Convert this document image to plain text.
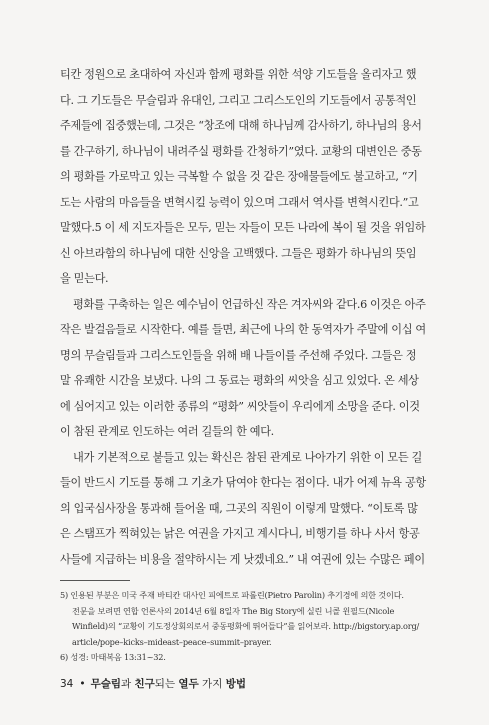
티칸 정원으로 초대하여 자신과 함께 평화를 위한 석양 기도들을 올리자고 했

다. 그 기도들은 무슬림과 유대인, 그리고 그리스도인의 기도들에서 공통적인

주제들에 집중했는데, 그것은 “창조에 대해 하나님께 감사하기, 하나님의 용서

를 간구하기, 하나님이 내려주실 평화를 간청하기”였다. 교황의 대변인은 중동

의 평화를 가로막고 있는 극복할 수 없을 것 같은 장애물들에도 불고하고, “기

도는 사람의 마음들을 변혁시킬 능력이 있으며 그래서 역사를 변혁시킨다.”고

말했다.5 이 세 지도자들은 모두, 믿는 자들이 모든 나라에 복이 될 것을 위임하

신 아브라함의 하나님에 대한 신앙을 고백했다. 그들은 평화가 하나님의 뜻임

을 믿는다.

평화를 구축하는 일은 예수님이 언급하신 작은 겨자씨와 같다.6 이것은 아주

작은 발걸음들로 시작한다. 예를 들면, 최근에 나의 한 동역자가 주말에 이십 여

명의 무슬림들과 그리스도인들을 위해 배 나들이를 주선해 주었다. 그들은 정

말 유쾌한 시간을 보냈다. 나의 그 동료는 평화의 씨앗을 심고 있었다. 온 세상

에 심어지고 있는 이러한 종류의 “평화” 씨앗들이 우리에게 소망을 준다. 이것

이 참된 관계로 인도하는 여러 길들의 한 예다.

내가 기본적으로 붙들고 있는 확신은 참된 관계로 나아가기 위한 이 모든 길

들이 반드시 기도를 통해 그 기초가 닦여야 한다는 점이다. 내가 어제 뉴욕 공항

의 입국심사장을 통과해 들어올 때, 그곳의 직원이 이렇게 말했다. “이토록 많

은 스탬프가 찍혀있는 낡은 여권을 가지고 계시다니, 비행기를 하나 사서 항공

사들에 지급하는 비용을 절약하시는 게 낫겠네요.” 내 여권에 있는 수많은 페이

5) 인용된 부분은 미국 주재 바티칸 대사인 피에트로 파롤린(Pietro Parolin) 추기경에 의한 것이다.

전문을 보려면 연합 언론사의 2014년 6월 8일자 The Big Story에 실린 니콜 윈필드(Nicole

Winfield)의 “교황이 기도정상회의로서 중동평화에 뛰어들다”를 읽어보라. http://bigstory.ap.org/

article/pope–kicks–mideast–peace–summit–prayer.

6) 성경: 마태복음 13:31~32.

34 • 무슬림과 친구되는 열두 가지 방법
